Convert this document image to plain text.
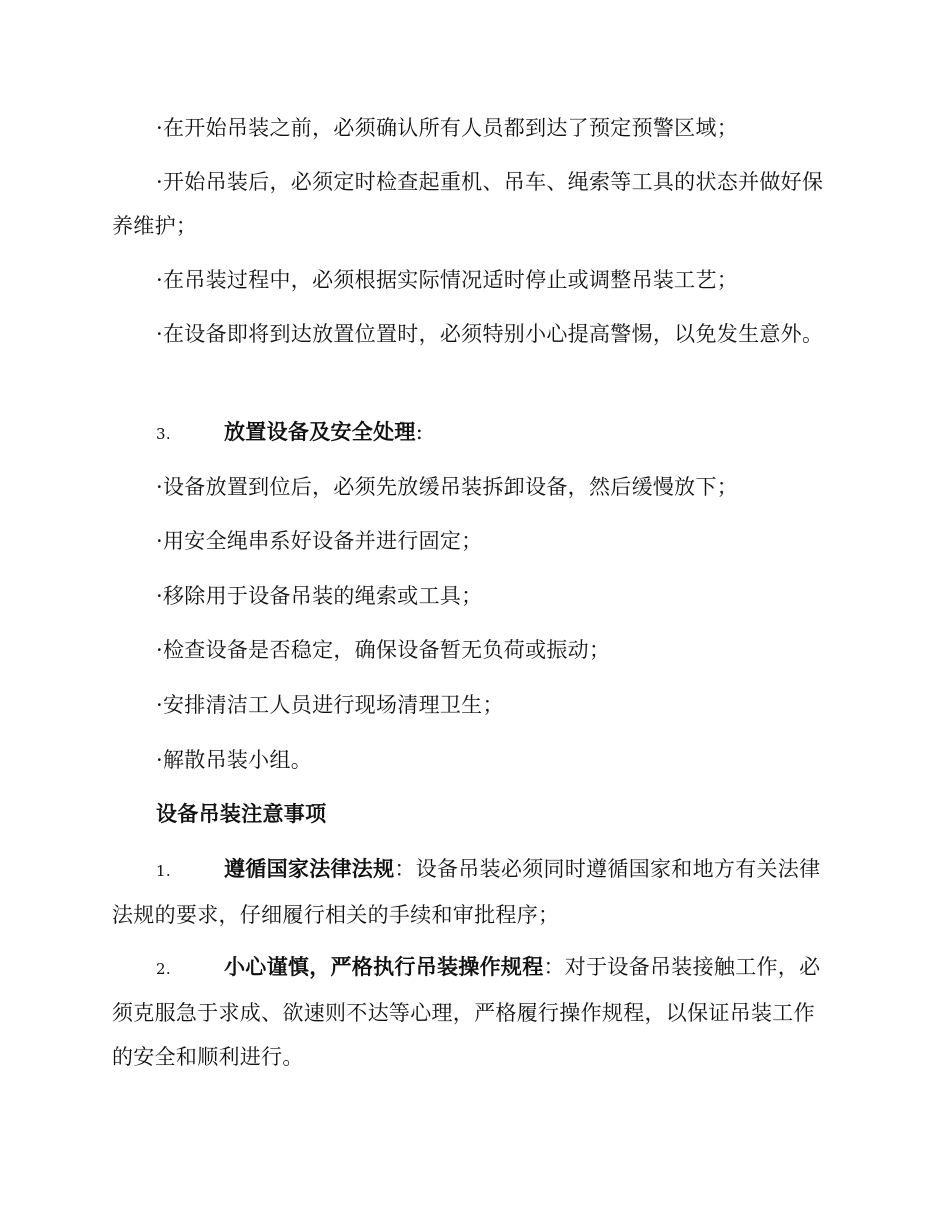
·在开始吊装之前，必须确认所有人员都到达了预定预警区域；
·开始吊装后，必须定时检查起重机、吊车、绳索等工具的状态并做好保养维护；
·在吊装过程中，必须根据实际情况适时停止或调整吊装工艺；
·在设备即将到达放置位置时，必须特别小心提高警惕，以免发生意外。
3.	放置设备及安全处理:
·设备放置到位后，必须先放缓吊装拆卸设备，然后缓慢放下；
·用安全绳串系好设备并进行固定；
·移除用于设备吊装的绳索或工具；
·检查设备是否稳定，确保设备暂无负荷或振动；
·安排清洁工人员进行现场清理卫生；
·解散吊装小组。
设备吊装注意事项
1.	遵循国家法律法规：设备吊装必须同时遵循国家和地方有关法律法规的要求，仔细履行相关的手续和审批程序；
2.	小心谨慎，严格执行吊装操作规程：对于设备吊装接触工作，必须克服急于求成、欲速则不达等心理，严格履行操作规程，以保证吊装工作的安全和顺利进行。
